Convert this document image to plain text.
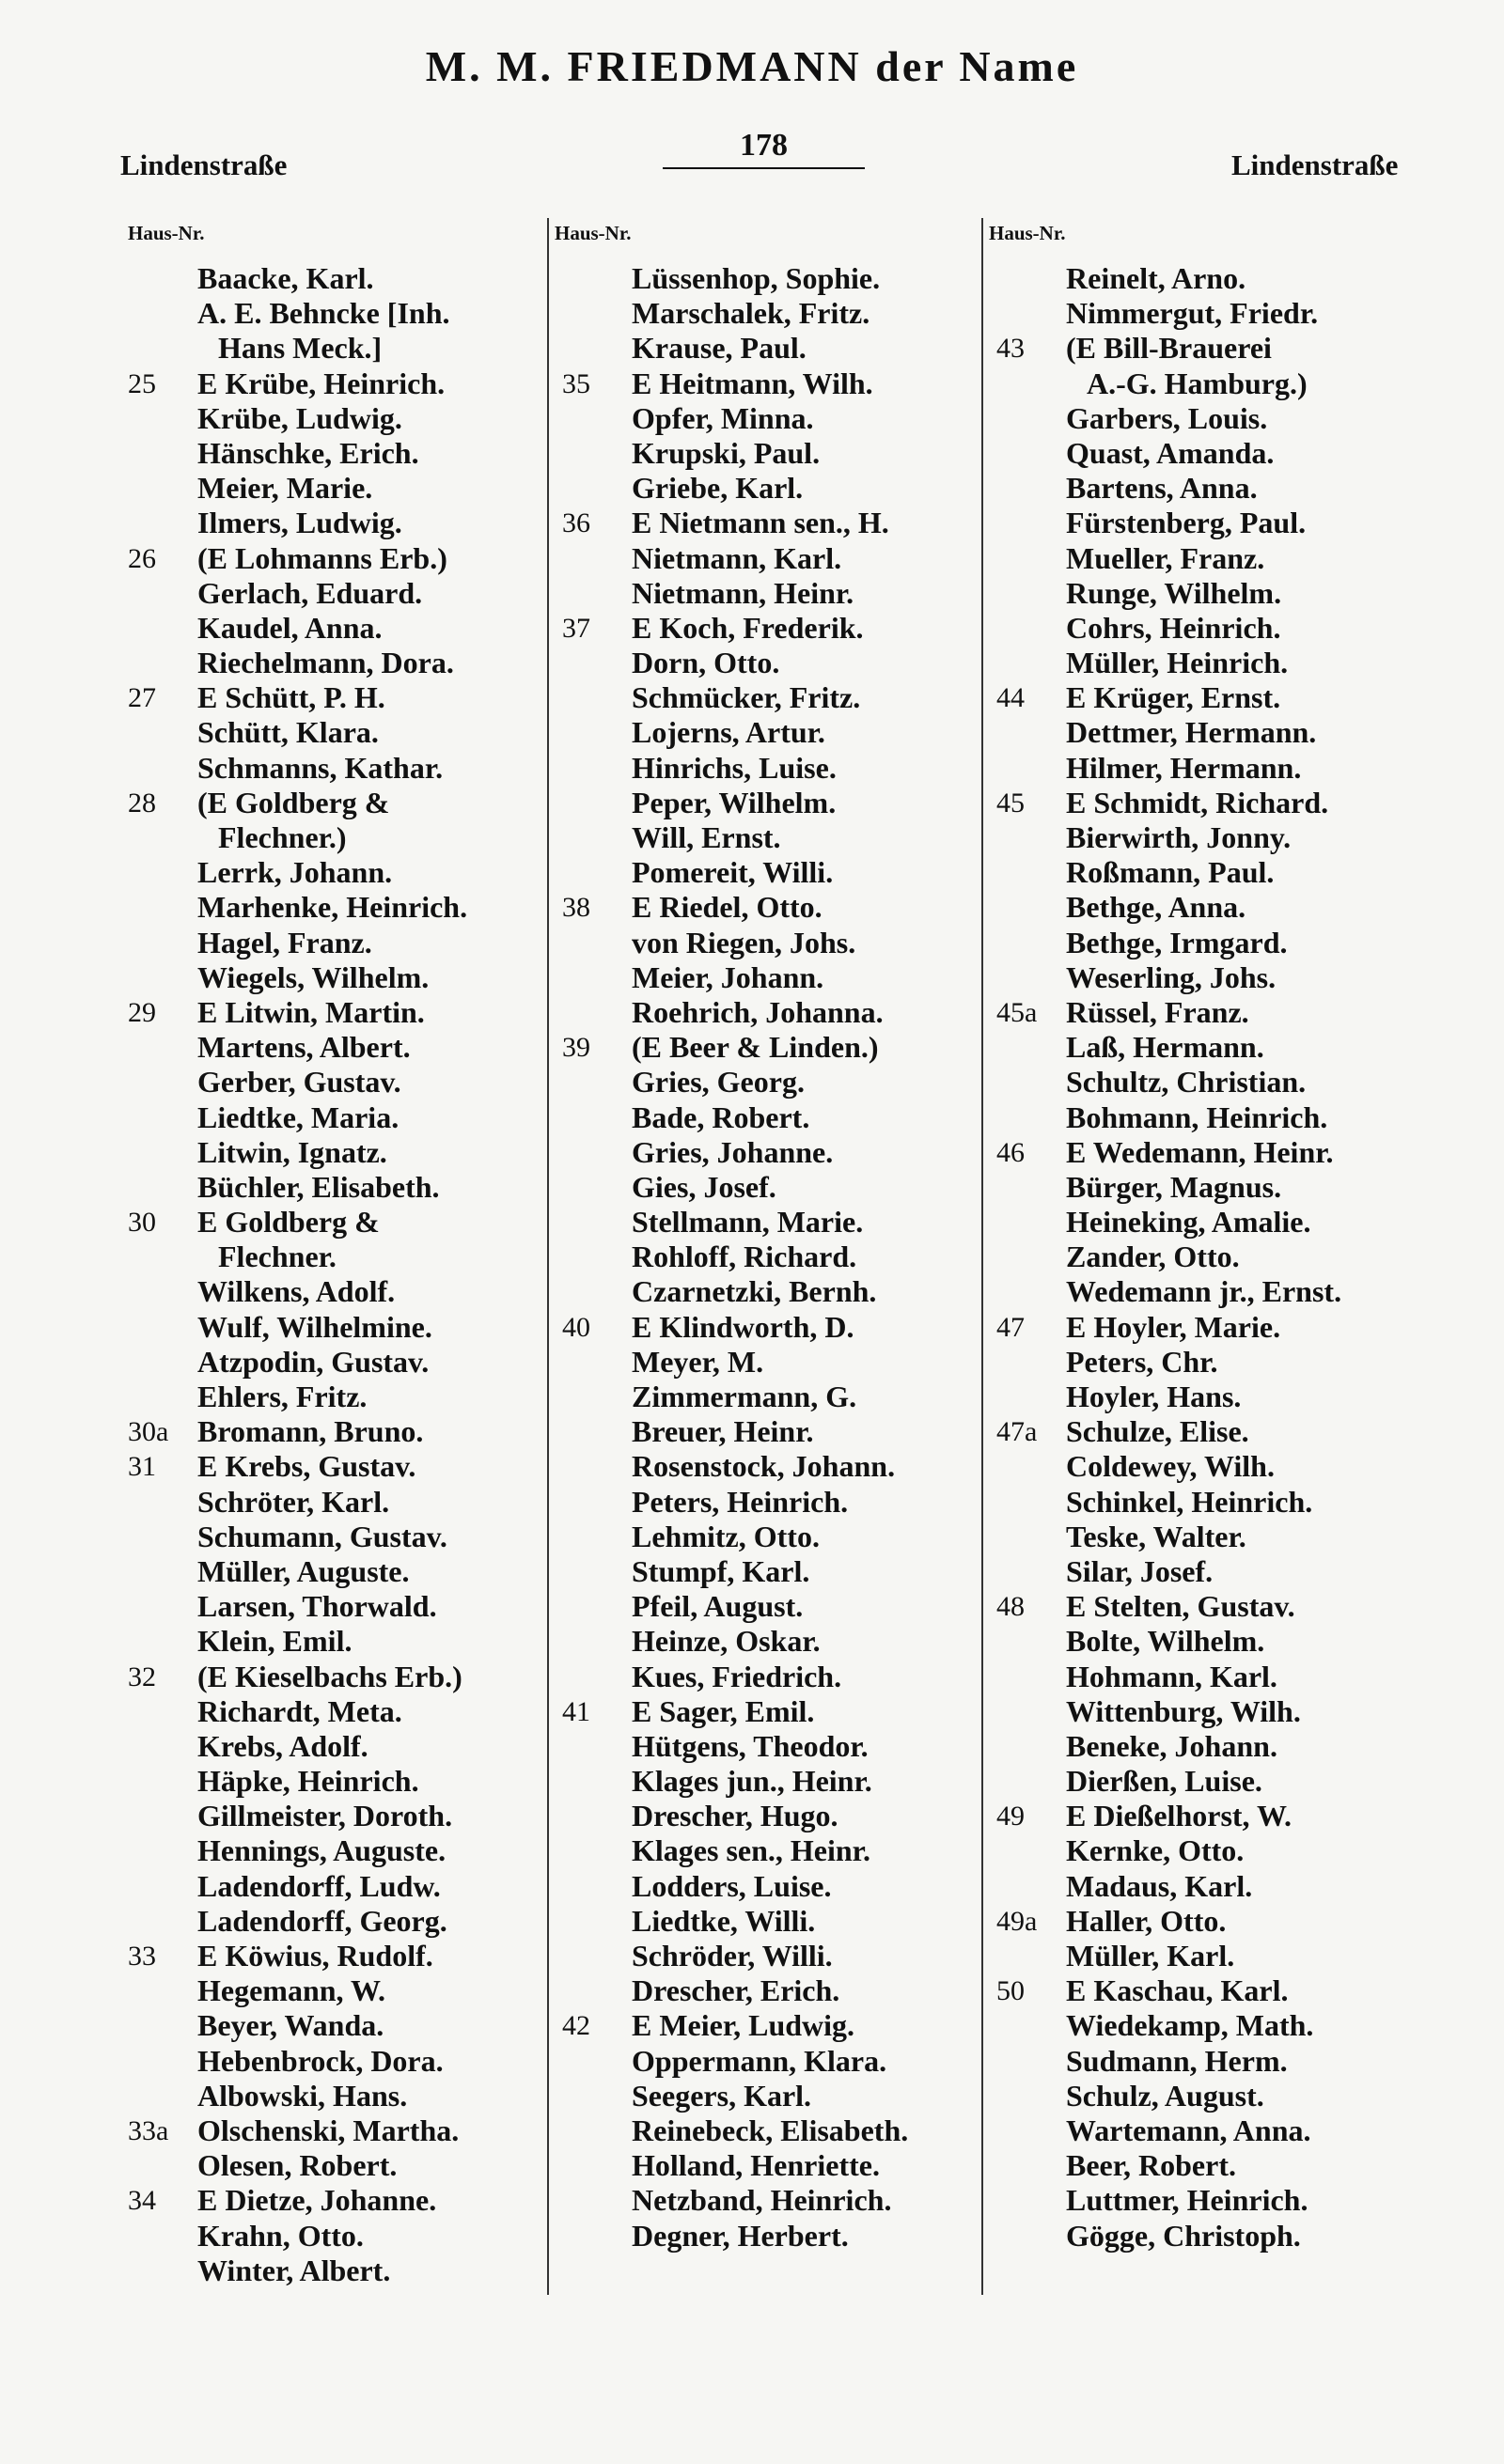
M. M. FRIEDMANN der Name
178
Lindenstraße	Lindenstraße
Haus-Nr.	Haus-Nr.	Haus-Nr.
Baacke, Karl.
A. E. Behncke [Inh.
Hans Meck.]
25 E Krübe, Heinrich.
Krübe, Ludwig.
Hänschke, Erich.
Meier, Marie.
Ilmers, Ludwig.
26 (E Lohmanns Erb.)
Gerlach, Eduard.
Kaudel, Anna.
Riechelmann, Dora.
27 E Schütt, P. H.
Schütt, Klara.
Schmanns, Kathar.
28 (E Goldberg &
Flechner.)
Lerrk, Johann.
Marhenke, Heinrich.
Hagel, Franz.
Wiegels, Wilhelm.
29 E Litwin, Martin.
Martens, Albert.
Gerber, Gustav.
Liedtke, Maria.
Litwin, Ignatz.
Büchler, Elisabeth.
30 E Goldberg &
Flechner.
Wilkens, Adolf.
Wulf, Wilhelmine.
Atzpodin, Gustav.
Ehlers, Fritz.
30a Bromann, Bruno.
31 E Krebs, Gustav.
Schröter, Karl.
Schumann, Gustav.
Müller, Auguste.
Larsen, Thorwald.
Klein, Emil.
32 (E Kieselbachs Erb.)
Richardt, Meta.
Krebs, Adolf.
Häpke, Heinrich.
Gillmeister, Doroth.
Hennings, Auguste.
Ladendorff, Ludw.
Ladendorff, Georg.
33 E Köwius, Rudolf.
Hegemann, W.
Beyer, Wanda.
Hebenbrock, Dora.
Albowski, Hans.
33a Olschenski, Martha.
Olesen, Robert.
34 E Dietze, Johanne.
Krahn, Otto.
Winter, Albert.
Lüssenhop, Sophie.
Marschalek, Fritz.
Krause, Paul.
35 E Heitmann, Wilh.
Opfer, Minna.
Krupski, Paul.
Griebe, Karl.
36 E Nietmann sen., H.
Nietmann, Karl.
Nietmann, Heinr.
37 E Koch, Frederik.
Dorn, Otto.
Schmücker, Fritz.
Lojerns, Artur.
Hinrichs, Luise.
Peper, Wilhelm.
Will, Ernst.
Pomereit, Willi.
38 E Riedel, Otto.
von Riegen, Johs.
Meier, Johann.
Roehrich, Johanna.
39 (E Beer & Linden.)
Gries, Georg.
Bade, Robert.
Gries, Johanne.
Gies, Josef.
Stellmann, Marie.
Rohloff, Richard.
Czarnetzki, Bernh.
40 E Klindworth, D.
Meyer, M.
Zimmermann, G.
Breuer, Heinr.
Rosenstock, Johann.
Peters, Heinrich.
Lehmitz, Otto.
Stumpf, Karl.
Pfeil, August.
Heinze, Oskar.
Kues, Friedrich.
41 E Sager, Emil.
Hütgens, Theodor.
Klages jun., Heinr.
Drescher, Hugo.
Klages sen., Heinr.
Lodders, Luise.
Liedtke, Willi.
Schröder, Willi.
Drescher, Erich.
42 E Meier, Ludwig.
Oppermann, Klara.
Seegers, Karl.
Reinebeck, Elisabeth.
Holland, Henriette.
Netzband, Heinrich.
Degner, Herbert.
Reinelt, Arno.
Nimmergut, Friedr.
43 (E Bill-Brauerei
A.-G. Hamburg.)
Garbers, Louis.
Quast, Amanda.
Bartens, Anna.
Fürstenberg, Paul.
Mueller, Franz.
Runge, Wilhelm.
Cohrs, Heinrich.
Müller, Heinrich.
44 E Krüger, Ernst.
Dettmer, Hermann.
Hilmer, Hermann.
45 E Schmidt, Richard.
Bierwirth, Jonny.
Roßmann, Paul.
Bethge, Anna.
Bethge, Irmgard.
Weserling, Johs.
45a Rüssel, Franz.
Laß, Hermann.
Schultz, Christian.
Bohmann, Heinrich.
46 E Wedemann, Heinr.
Bürger, Magnus.
Heineking, Amalie.
Zander, Otto.
Wedemann jr., Ernst.
47 E Hoyler, Marie.
Peters, Chr.
Hoyler, Hans.
47a Schulze, Elise.
Coldewey, Wilh.
Schinkel, Heinrich.
Teske, Walter.
Silar, Josef.
48 E Stelten, Gustav.
Bolte, Wilhelm.
Hohmann, Karl.
Wittenburg, Wilh.
Beneke, Johann.
Dierßen, Luise.
49 E Dießelhorst, W.
Kernke, Otto.
Madaus, Karl.
49a Haller, Otto.
Müller, Karl.
50 E Kaschau, Karl.
Wiedekamp, Math.
Sudmann, Herm.
Schulz, August.
Wartemann, Anna.
Beer, Robert.
Luttmer, Heinrich.
Gögge, Christoph.
